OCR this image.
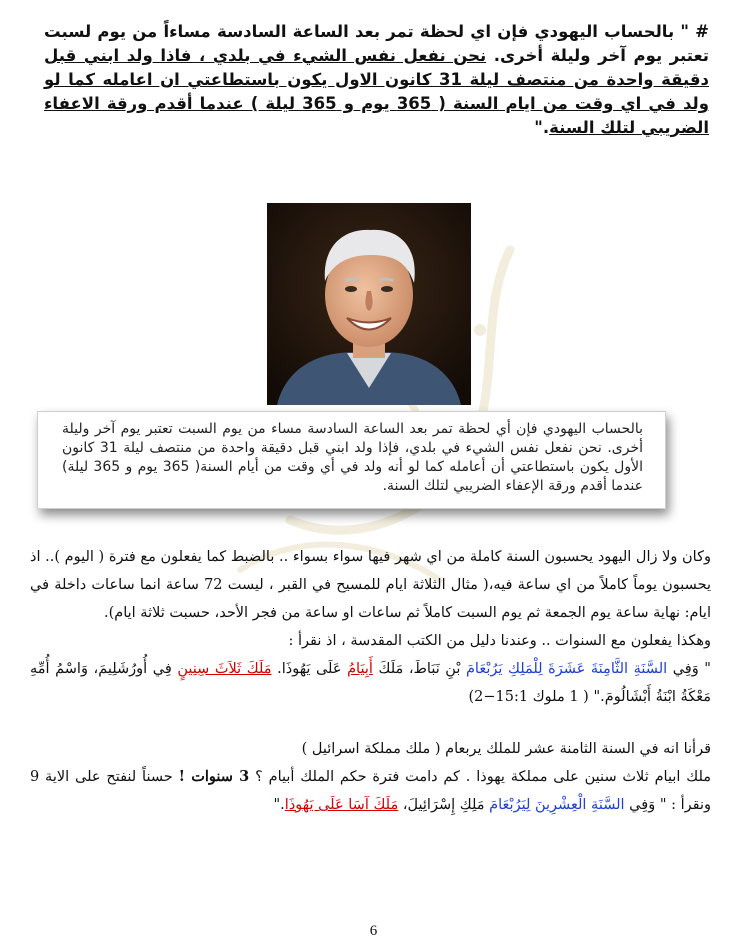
# " بالحساب اليهودي فإن اي لحظة تمر بعد الساعة السادسة مساءاً من يوم لسبت تعتبر يوم آخر وليلة أخرى. نحن نفعل نفس الشيء في بلدي ، فاذا ولد ابني قبل دقيقة واحدة من منتصف ليلة 31 كانون الاول يكون باستطاعتي ان اعامله كما لو ولد في اي وقت من ايام السنة ( 365 يوم و 365 ليلة ) عندما أقدم ورقة الاعفاء الضريبي لتلك السنة."
بالحساب اليهودي فإن أي لحظة تمر بعد الساعة السادسة مساء من يوم السبت تعتبر يوم آخر وليلة أخرى. نحن نفعل نفس الشيء في بلدي، فإذا ولد ابني قبل دقيقة واحدة من منتصف ليلة 31 كانون الأول يكون باستطاعتي أن أعامله كما لو أنه ولد في أي وقت من أيام السنة( 365 يوم و 365 ليلة) عندما أقدم ورقة الإعفاء الضريبي لتلك السنة.

وكان ولا زال اليهود يحسبون السنة كاملة من اي شهر فيها سواء بسواء .. بالضبط كما يفعلون مع فترة ( اليوم ).. اذ يحسبون يوماً كاملاً من اي ساعة فيه،( مثال الثلاثة ايام للمسيح في القبر ، ليست 72 ساعة انما ساعات داخلة في ايام: نهاية ساعة يوم الجمعة ثم يوم السبت كاملاً ثم ساعات او ساعة من فجر الأحد، حسبت ثلاثة ايام).

وهكذا يفعلون مع السنوات .. وعندنا دليل من الكتب المقدسة ، اذ نقرأ :

" وَفِي السَّنَةِ الثَّامِنَةَ عَشَرَةَ لِلْمَلِكِ يَرُبْعَامَ بْنِ نَبَاطَ، مَلَكَ أَبِيَامُ عَلَى يَهُوذَا. مَلَكَ ثَلاَثَ سِنِينٍ فِي أُورُشَلِيمَ، وَاسْمُ أُمِّهِ مَعْكَةُ ابْنَةُ أَبْشَالُومَ." ( 1 ملوك 15:1−2)

قرأنا انه في السنة الثامنة عشر للملك يربعام ( ملك مملكة اسرائيل )

ملك ابيام ثلاث سنين على مملكة يهوذا . كم دامت فترة حكم الملك أبيام ؟ 3 سنوات ! حسناً لنفتح على الاية 9 ونقرأ : " وَفِي السَّنَةِ الْعِشْرِينَ لِيَرُبْعَامَ مَلِكِ إِسْرَائِيلَ، مَلَكَ آسَا عَلَى يَهُوذَا."

6
